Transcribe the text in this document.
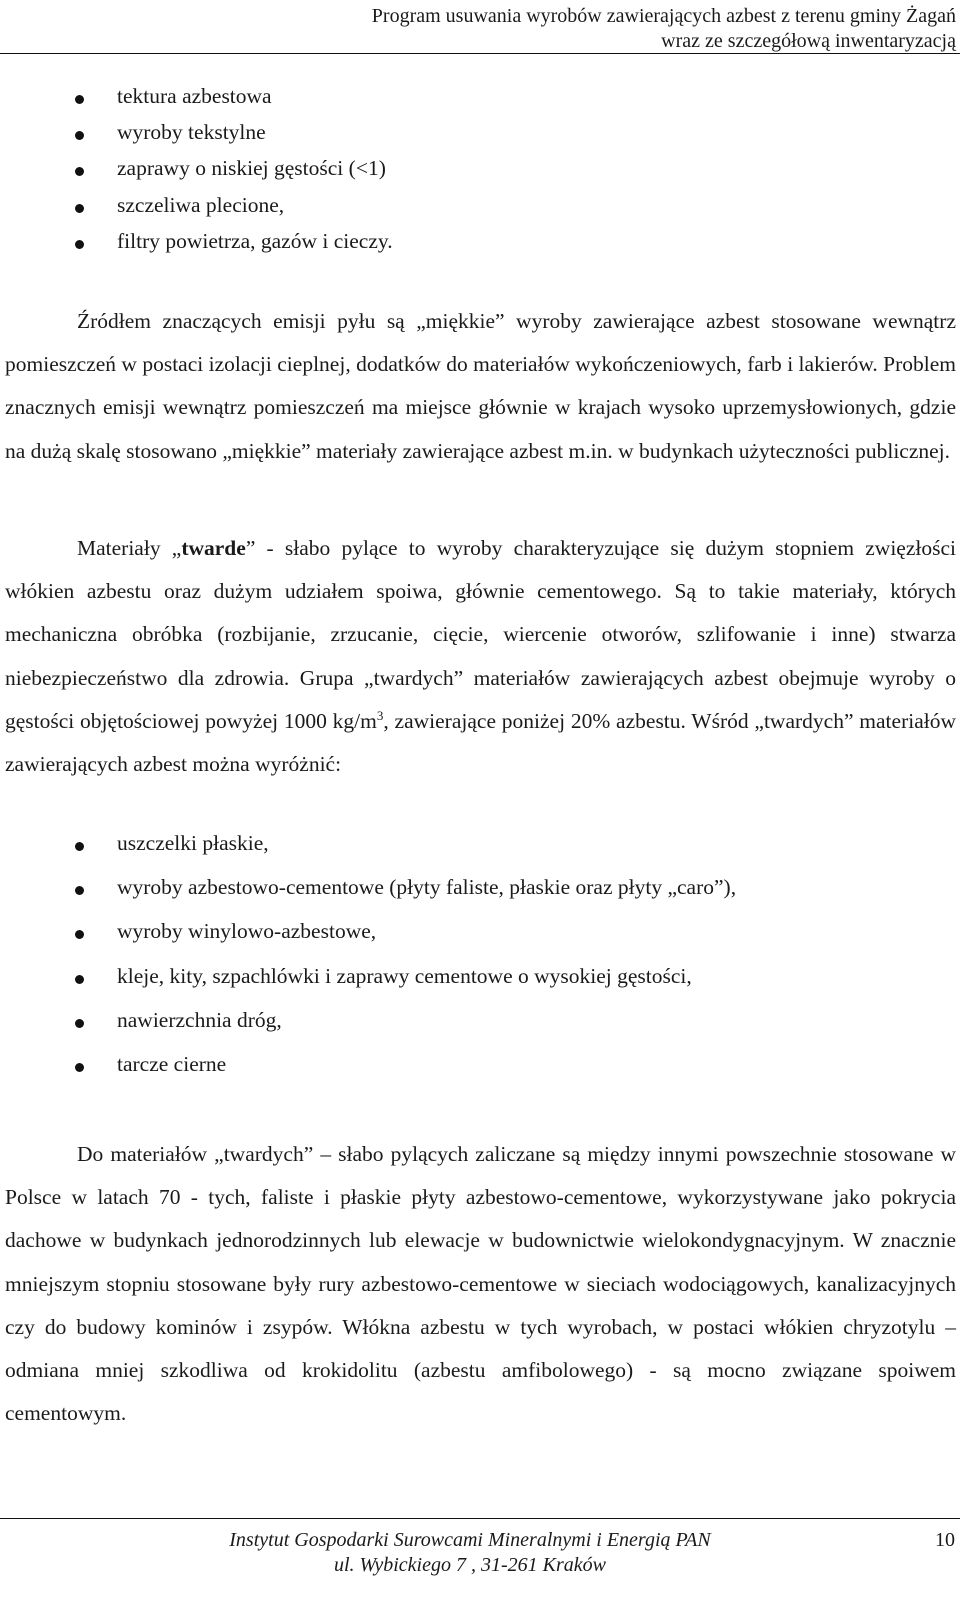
Program usuwania wyrobów zawierających azbest z terenu gminy Żagań
wraz ze szczegółową inwentaryzacją
tektura azbestowa
wyroby tekstylne
zaprawy o niskiej gęstości (<1)
szczeliwa plecione,
filtry powietrza, gazów i cieczy.

Źródłem znaczących emisji pyłu są „miękkie” wyroby zawierające azbest stosowane wewnątrz pomieszczeń w postaci izolacji cieplnej, dodatków do materiałów wykończeniowych, farb i lakierów. Problem znacznych emisji wewnątrz pomieszczeń ma miejsce głównie w krajach wysoko uprzemysłowionych, gdzie na dużą skalę stosowano „miękkie” materiały zawierające azbest m.in. w budynkach użyteczności publicznej.

Materiały „twarde” - słabo pylące to wyroby charakteryzujące się dużym stopniem zwięzłości włókien azbestu oraz dużym udziałem spoiwa, głównie cementowego. Są to takie materiały, których mechaniczna obróbka (rozbijanie, zrzucanie, cięcie, wiercenie otworów, szlifowanie i inne) stwarza niebezpieczeństwo dla zdrowia. Grupa „twardych” materiałów zawierających azbest obejmuje wyroby o gęstości objętościowej powyżej 1000 $kg/m^3$, zawierające poniżej 20% azbestu. Wśród „twardych” materiałów zawierających azbest można wyróżnić:

uszczelki płaskie,
wyroby azbestowo-cementowe (płyty faliste, płaskie oraz płyty „caro”),
wyroby winylowo-azbestowe,
kleje, kity, szpachlówki i zaprawy cementowe o wysokiej gęstości,
nawierzchnia dróg,
tarcze cierne

Do materiałów „twardych” – słabo pylących zaliczane są między innymi powszechnie stosowane w Polsce w latach 70 - tych, faliste i płaskie płyty azbestowo-cementowe, wykorzystywane jako pokrycia dachowe w budynkach jednorodzinnych lub elewacje w budownictwie wielokondygnacyjnym. W znacznie mniejszym stopniu stosowane były rury azbestowo-cementowe w sieciach wodociągowych, kanalizacyjnych czy do budowy kominów i zsypów. Włókna azbestu w tych wyrobach, w postaci włókien chryzotylu – odmiana mniej szkodliwa od krokidolitu (azbestu amfibolowego) - są mocno związane spoiwem cementowym.

Instytut Gospodarki Surowcami Mineralnymi i Energią PAN
ul. Wybickiego 7 , 31-261 Kraków
10
